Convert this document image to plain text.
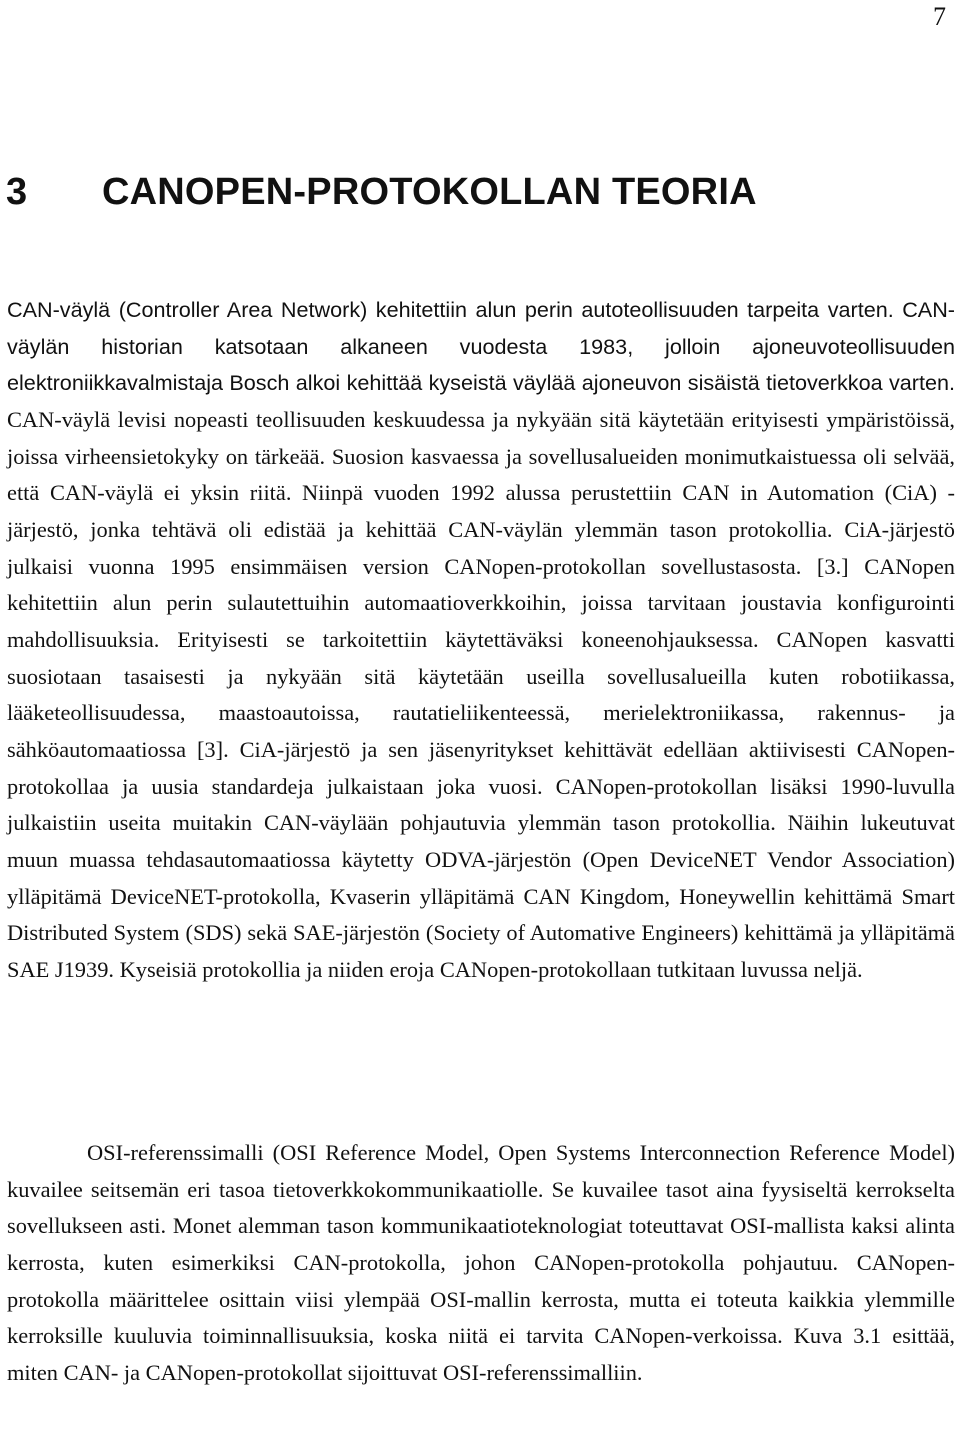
7
3 CANOPEN-PROTOKOLLAN TEORIA

CAN-väylä (Controller Area Network) kehitettiin alun perin autoteollisuuden tarpeita varten. CAN-väylän historian katsotaan alkaneen vuodesta 1983, jolloin ajoneuvoteollisuuden elektroniikkavalmistaja Bosch alkoi kehittää kyseistä väylää ajoneuvon sisäistä tietoverkkoa varten. CAN-väylä levisi nopeasti teollisuuden keskuudessa ja nykyään sitä käytetään erityisesti ympäristöissä, joissa virheensietokyky on tärkeää. Suosion kasvaessa ja sovellusalueiden monimutkaistuessa oli selvää, että CAN-väylä ei yksin riitä. Niinpä vuoden 1992 alussa perustettiin CAN in Automation (CiA) -järjestö, jonka tehtävä oli edistää ja kehittää CAN-väylän ylemmän tason protokollia. CiA-järjestö julkaisi vuonna 1995 ensimmäisen version CANopen-protokollan sovellustasosta. [3.] CANopen kehitettiin alun perin sulautettuihin automaatioverkkoihin, joissa tarvitaan joustavia konfigurointi mahdollisuuksia. Erityisesti se tarkoitettiin käytettäväksi koneenohjauksessa. CANopen kasvatti suosiotaan tasaisesti ja nykyään sitä käytetään useilla sovellusalueilla kuten robotiikassa, lääketeollisuudessa, maastoautoissa, rautatieliikenteessä, merielektroniikassa, rakennus- ja sähköautomaatiossa [3]. CiA-järjestö ja sen jäsenyritykset kehittävät edelläan aktiivisesti CANopen-protokollaa ja uusia standardeja julkaistaan joka vuosi. CANopen-protokollan lisäksi 1990-luvulla julkaistiin useita muitakin CAN-väylään pohjautuvia ylemmän tason protokollia. Näihin lukeutuvat muun muassa tehdasautomaatiossa käytetty ODVA-järjestön (Open DeviceNET Vendor Association) ylläpitämä DeviceNET-protokolla, Kvaserin ylläpitämä CAN Kingdom, Honeywellin kehittämä Smart Distributed System (SDS) sekä SAE-järjestön (Society of Automative Engineers) kehittämä ja ylläpitämä SAE J1939. Kyseisiä protokollia ja niiden eroja CANopen-protokollaan tutkitaan luvussa neljä.

OSI-referenssimalli (OSI Reference Model, Open Systems Interconnection Reference Model) kuvailee seitsemän eri tasoa tietoverkkokommunikaatiolle. Se kuvailee tasot aina fyysiseltä kerrokselta sovellukseen asti. Monet alemman tason kommunikaatioteknologiat toteuttavat OSI-mallista kaksi alinta kerrosta, kuten esimerkiksi CAN-protokolla, johon CANopen-protokolla pohjautuu. CANopen-protokolla määrittelee osittain viisi ylempää OSI-mallin kerrosta, mutta ei toteuta kaikkia ylemmille kerroksille kuuluvia toiminnallisuuksia, koska niitä ei tarvita CANopen-verkoissa. Kuva 3.1 esittää, miten CAN- ja CANopen-protokollat sijoittuvat OSI-referenssimalliin.
